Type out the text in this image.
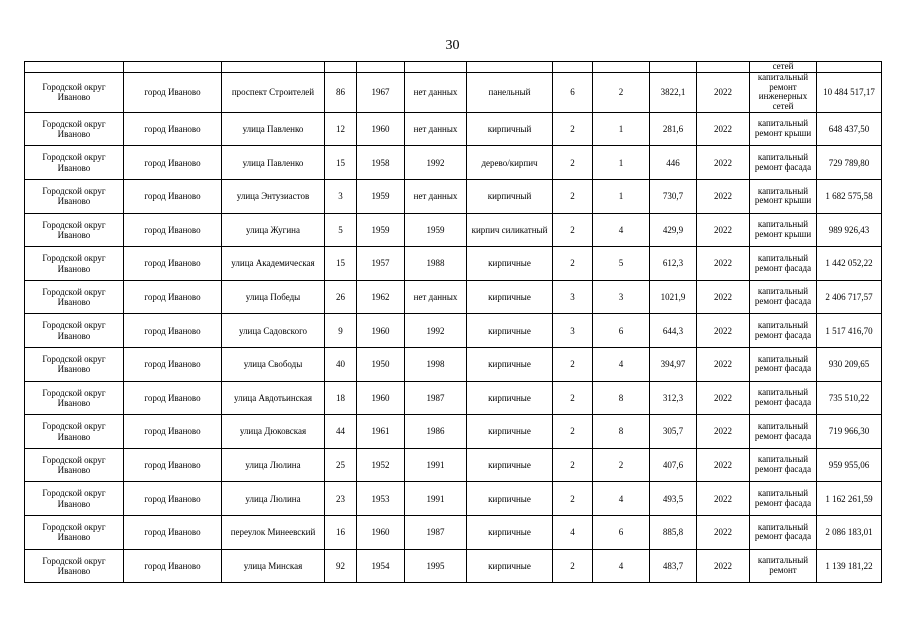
30
											сетей	
Городской округ Иваново	город Иваново	проспект Строителей	86	1967	нет данных	панельный	6	2	3822,1	2022	капитальный ремонт инженерных сетей	10 484 517,17
Городской округ Иваново	город Иваново	улица Павленко	12	1960	нет данных	кирпичный	2	1	281,6	2022	капитальный ремонт крыши	648 437,50
Городской округ Иваново	город Иваново	улица Павленко	15	1958	1992	дерево/кирпич	2	1	446	2022	капитальный ремонт фасада	729 789,80
Городской округ Иваново	город Иваново	улица Энтузиастов	3	1959	нет данных	кирпичный	2	1	730,7	2022	капитальный ремонт крыши	1 682 575,58
Городской округ Иваново	город Иваново	улица Жугина	5	1959	1959	кирпич силикатный	2	4	429,9	2022	капитальный ремонт крыши	989 926,43
Городской округ Иваново	город Иваново	улица Академическая	15	1957	1988	кирпичные	2	5	612,3	2022	капитальный ремонт фасада	1 442 052,22
Городской округ Иваново	город Иваново	улица Победы	26	1962	нет данных	кирпичные	3	3	1021,9	2022	капитальный ремонт фасада	2 406 717,57
Городской округ Иваново	город Иваново	улица Садовского	9	1960	1992	кирпичные	3	6	644,3	2022	капитальный ремонт фасада	1 517 416,70
Городской округ Иваново	город Иваново	улица Свободы	40	1950	1998	кирпичные	2	4	394,97	2022	капитальный ремонт фасада	930 209,65
Городской округ Иваново	город Иваново	улица Авдотьинская	18	1960	1987	кирпичные	2	8	312,3	2022	капитальный ремонт фасада	735 510,22
Городской округ Иваново	город Иваново	улица Дюковская	44	1961	1986	кирпичные	2	8	305,7	2022	капитальный ремонт фасада	719 966,30
Городской округ Иваново	город Иваново	улица Люлина	25	1952	1991	кирпичные	2	2	407,6	2022	капитальный ремонт фасада	959 955,06
Городской округ Иваново	город Иваново	улица Люлина	23	1953	1991	кирпичные	2	4	493,5	2022	капитальный ремонт фасада	1 162 261,59
Городской округ Иваново	город Иваново	переулок Минеевский	16	1960	1987	кирпичные	4	6	885,8	2022	капитальный ремонт фасада	2 086 183,01
Городской округ Иваново	город Иваново	улица Минская	92	1954	1995	кирпичные	2	4	483,7	2022	капитальный ремонт	1 139 181,22
